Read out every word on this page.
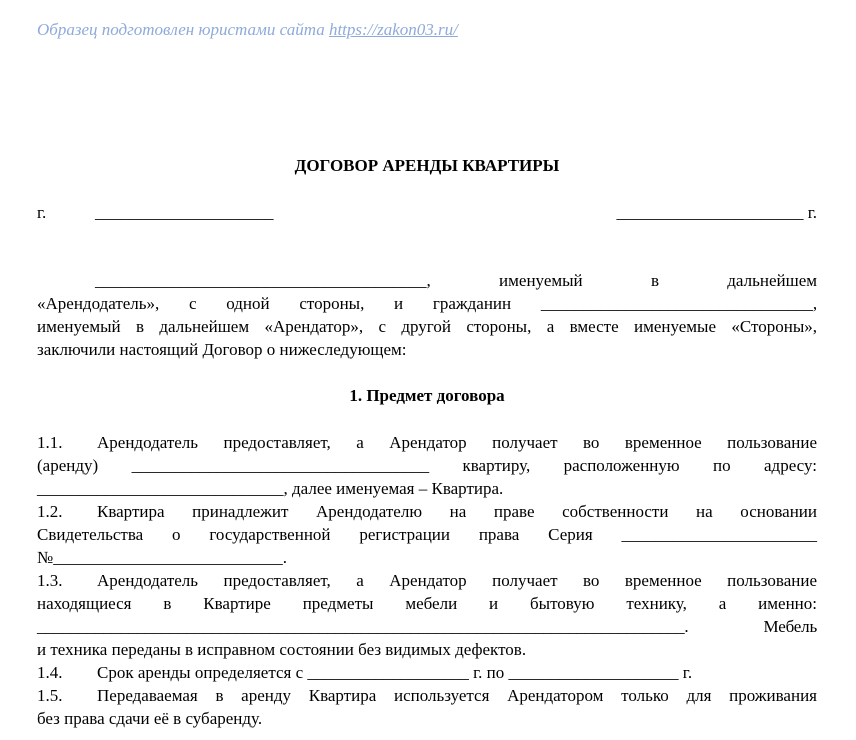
Образец подготовлен юристами сайта https://zakon03.ru/
ДОГОВОР АРЕНДЫ КВАРТИРЫ
г.	_____________________	______________________ г.
_______________________________________,	именуемый	в	дальнейшем
«Арендодатель», с одной стороны, и гражданин ________________________________,
именуемый в дальнейшем «Арендатор», с другой стороны, а вместе именуемые «Стороны»,
заключили настоящий Договор о нижеследующем:
1. Предмет договора
1.1. Арендодатель предоставляет, а Арендатор получает во временное пользование
(аренду) ___________________________________ квартиру, расположенную по адресу:
_____________________________, далее именуемая – Квартира.
1.2. Квартира принадлежит Арендодателю на праве собственности на основании
Свидетельства о государственной регистрации права Серия _______________________
№___________________________.
1.3. Арендодатель предоставляет, а Арендатор получает во временное пользование
находящиеся в Квартире предметы мебели и бытовую технику, а именно:
______________________________________________________________________________. Мебель
и техника переданы в исправном состоянии без видимых дефектов.
1.4. Срок аренды определяется с ___________________ г. по ____________________ г.
1.5. Передаваемая в аренду Квартира используется Арендатором только для проживания
без права сдачи её в субаренду.
